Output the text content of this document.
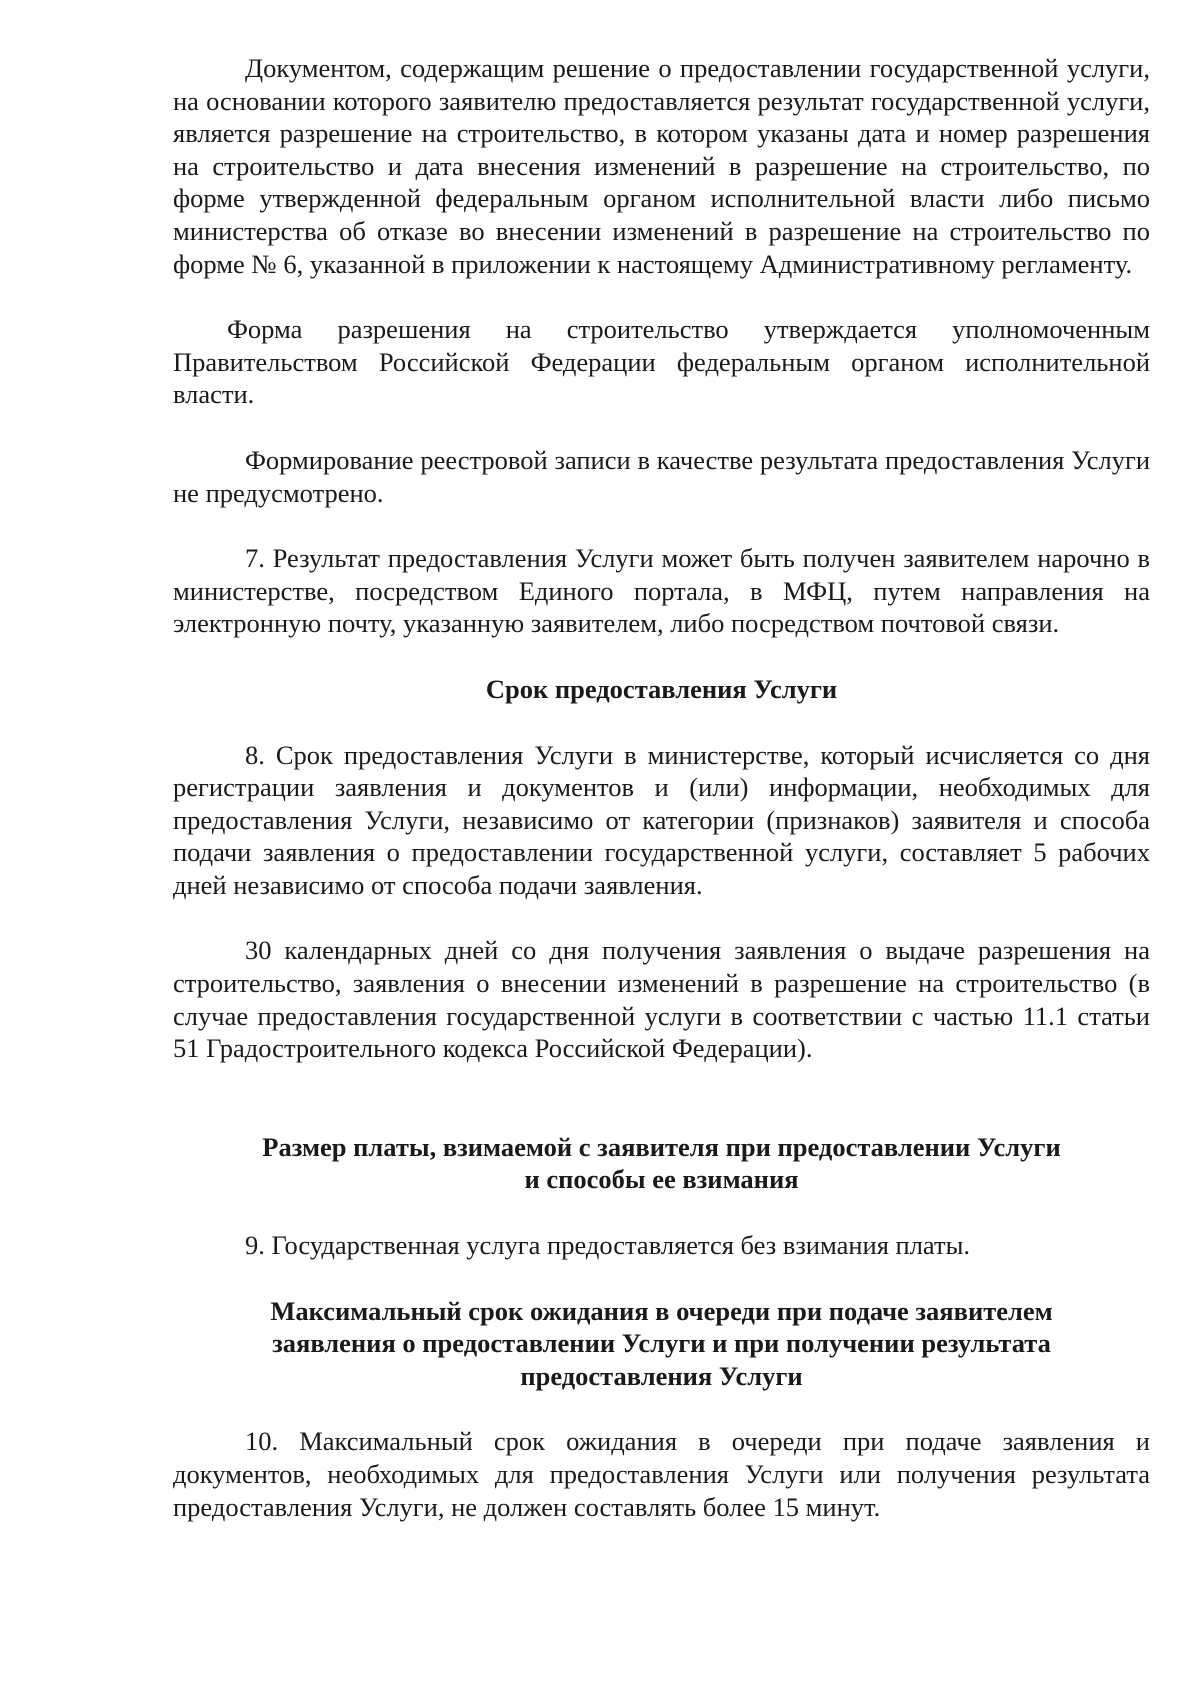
Документом, содержащим решение о предоставлении государственной услуги, на основании которого заявителю предоставляется результат государственной услуги, является разрешение на строительство, в котором указаны дата и номер разрешения на строительство и дата внесения изменений в разрешение на строительство, по форме утвержденной федеральным органом исполнительной власти либо письмо министерства об отказе во внесении изменений в разрешение на строительство по форме № 6, указанной в приложении к настоящему Административному регламенту.

Форма разрешения на строительство утверждается уполномоченным Правительством Российской Федерации федеральным органом исполнительной власти.

Формирование реестровой записи в качестве результата предоставления Услуги не предусмотрено.

7. Результат предоставления Услуги может быть получен заявителем нарочно в министерстве, посредством Единого портала, в МФЦ, путем направления на электронную почту, указанную заявителем, либо посредством почтовой связи.

Срок предоставления Услуги

8. Срок предоставления Услуги в министерстве, который исчисляется со дня регистрации заявления и документов и (или) информации, необходимых для предоставления Услуги, независимо от категории (признаков) заявителя и способа подачи заявления о предоставлении государственной услуги, составляет 5 рабочих дней независимо от способа подачи заявления.

30 календарных дней со дня получения заявления о выдаче разрешения на строительство, заявления о внесении изменений в разрешение на строительство (в случае предоставления государственной услуги в соответствии с частью 11.1 статьи 51 Градостроительного кодекса Российской Федерации).

Размер платы, взимаемой с заявителя при предоставлении Услуги

и способы ее взимания

9. Государственная услуга предоставляется без взимания платы.

Максимальный срок ожидания в очереди при подаче заявителем

заявления о предоставлении Услуги и при получении результата

предоставления Услуги

10. Максимальный срок ожидания в очереди при подаче заявления и документов, необходимых для предоставления Услуги или получения результата предоставления Услуги, не должен составлять более 15 минут.
